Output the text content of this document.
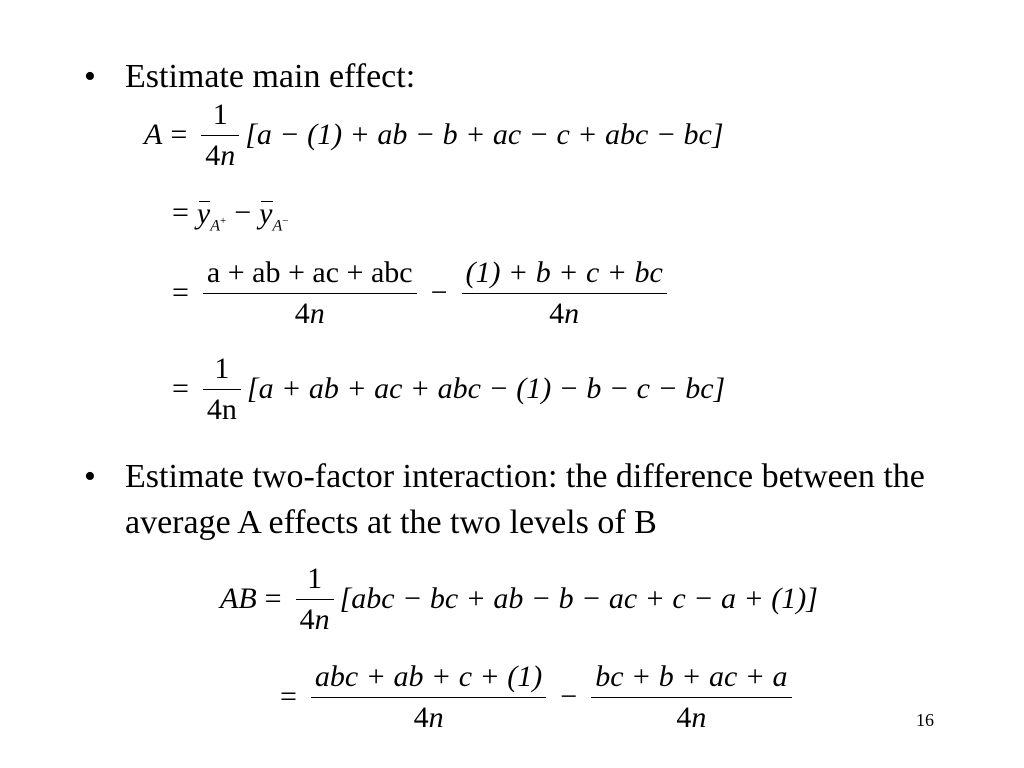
• Estimate main effect:
$A = \frac{1}{4n} [a - (1)$ + ab − b + ac − c + abc − bc]
= y A+ − y A−
= $\frac{\text{a + ab + ac + abc}}{4n} - \frac{(1) + b + c + bc}{4n}$
= $\frac{1}{4n} [a$ + ab + ac + abc − (1) − b − c − bc]
• Estimate two-factor interaction: the difference between the average A effects at the two levels of B
AB = $\frac{1}{4n} [abc$ − bc + ab − b − ac + c − a + (1)]
= $\frac{\text{abc + ab + c + (1)}}{4n} - \frac{bc + b + ac + a}{4n}$	16
